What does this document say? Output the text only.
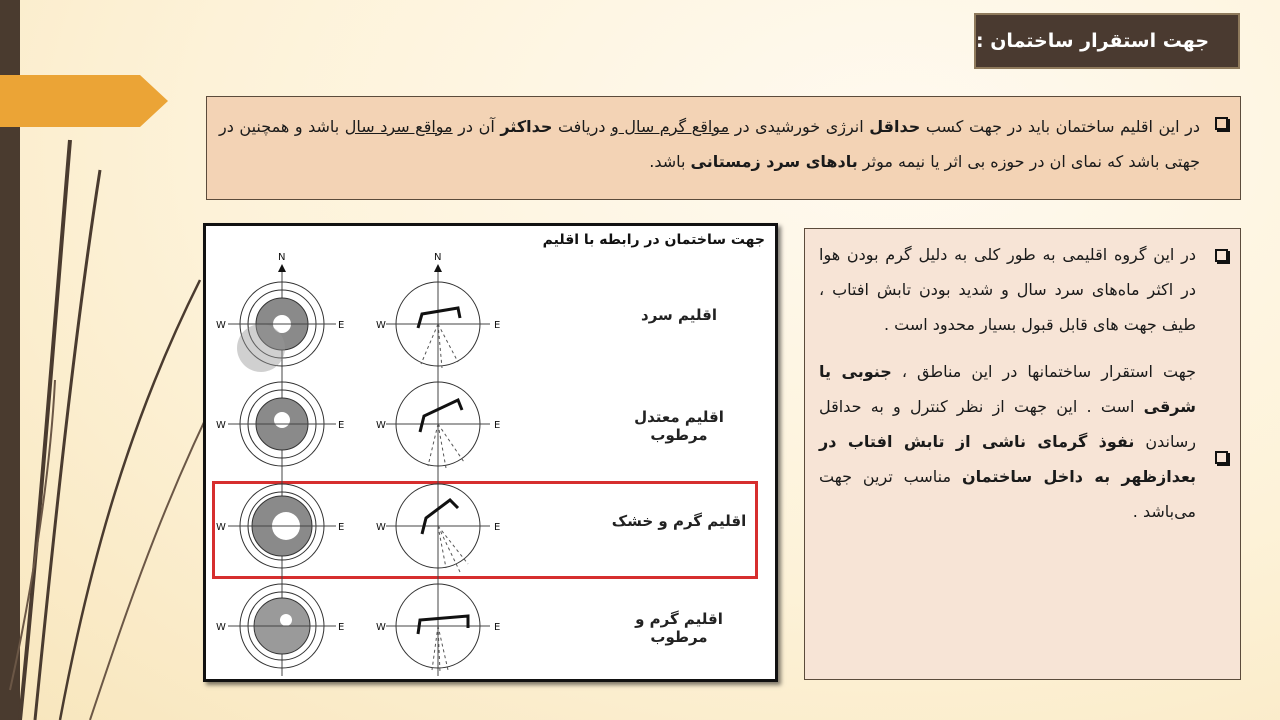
جهت استقرار ساختمان :
در این اقلیم ساختمان باید در جهت کسب حداقل انرژی خورشیدی در مواقع گرم سال و دریافت حداکثر آن در مواقع سرد سال باشد و همچنین در جهتی باشد که نمای ان در حوزه بی اثر یا نیمه موثر بادهای سرد زمستانی باشد.
جهت ساختمان در رابطه با اقلیم
N	N
W	E	W	E
W	E	W	E
W	E	W	E
W	E	W	E
اقلیم سرد
اقلیم معتدل مرطوب
اقلیم گرم و خشک
اقلیم گرم و مرطوب
در این گروه اقلیمی به طور کلی به دلیل گرم بودن هوا در اکثر ماه‌های سرد سال و شدید بودن تابش افتاب ، طیف جهت های قابل قبول بسیار محدود است .
جهت استقرار ساختمانها در این مناطق ، جنوبی یا شرقی است . این جهت از نظر کنترل و به حداقل رساندن نفوذ گرمای ناشی از تابش افتاب در بعدازظهر به داخل ساختمان مناسب ترین جهت می‌باشد .
